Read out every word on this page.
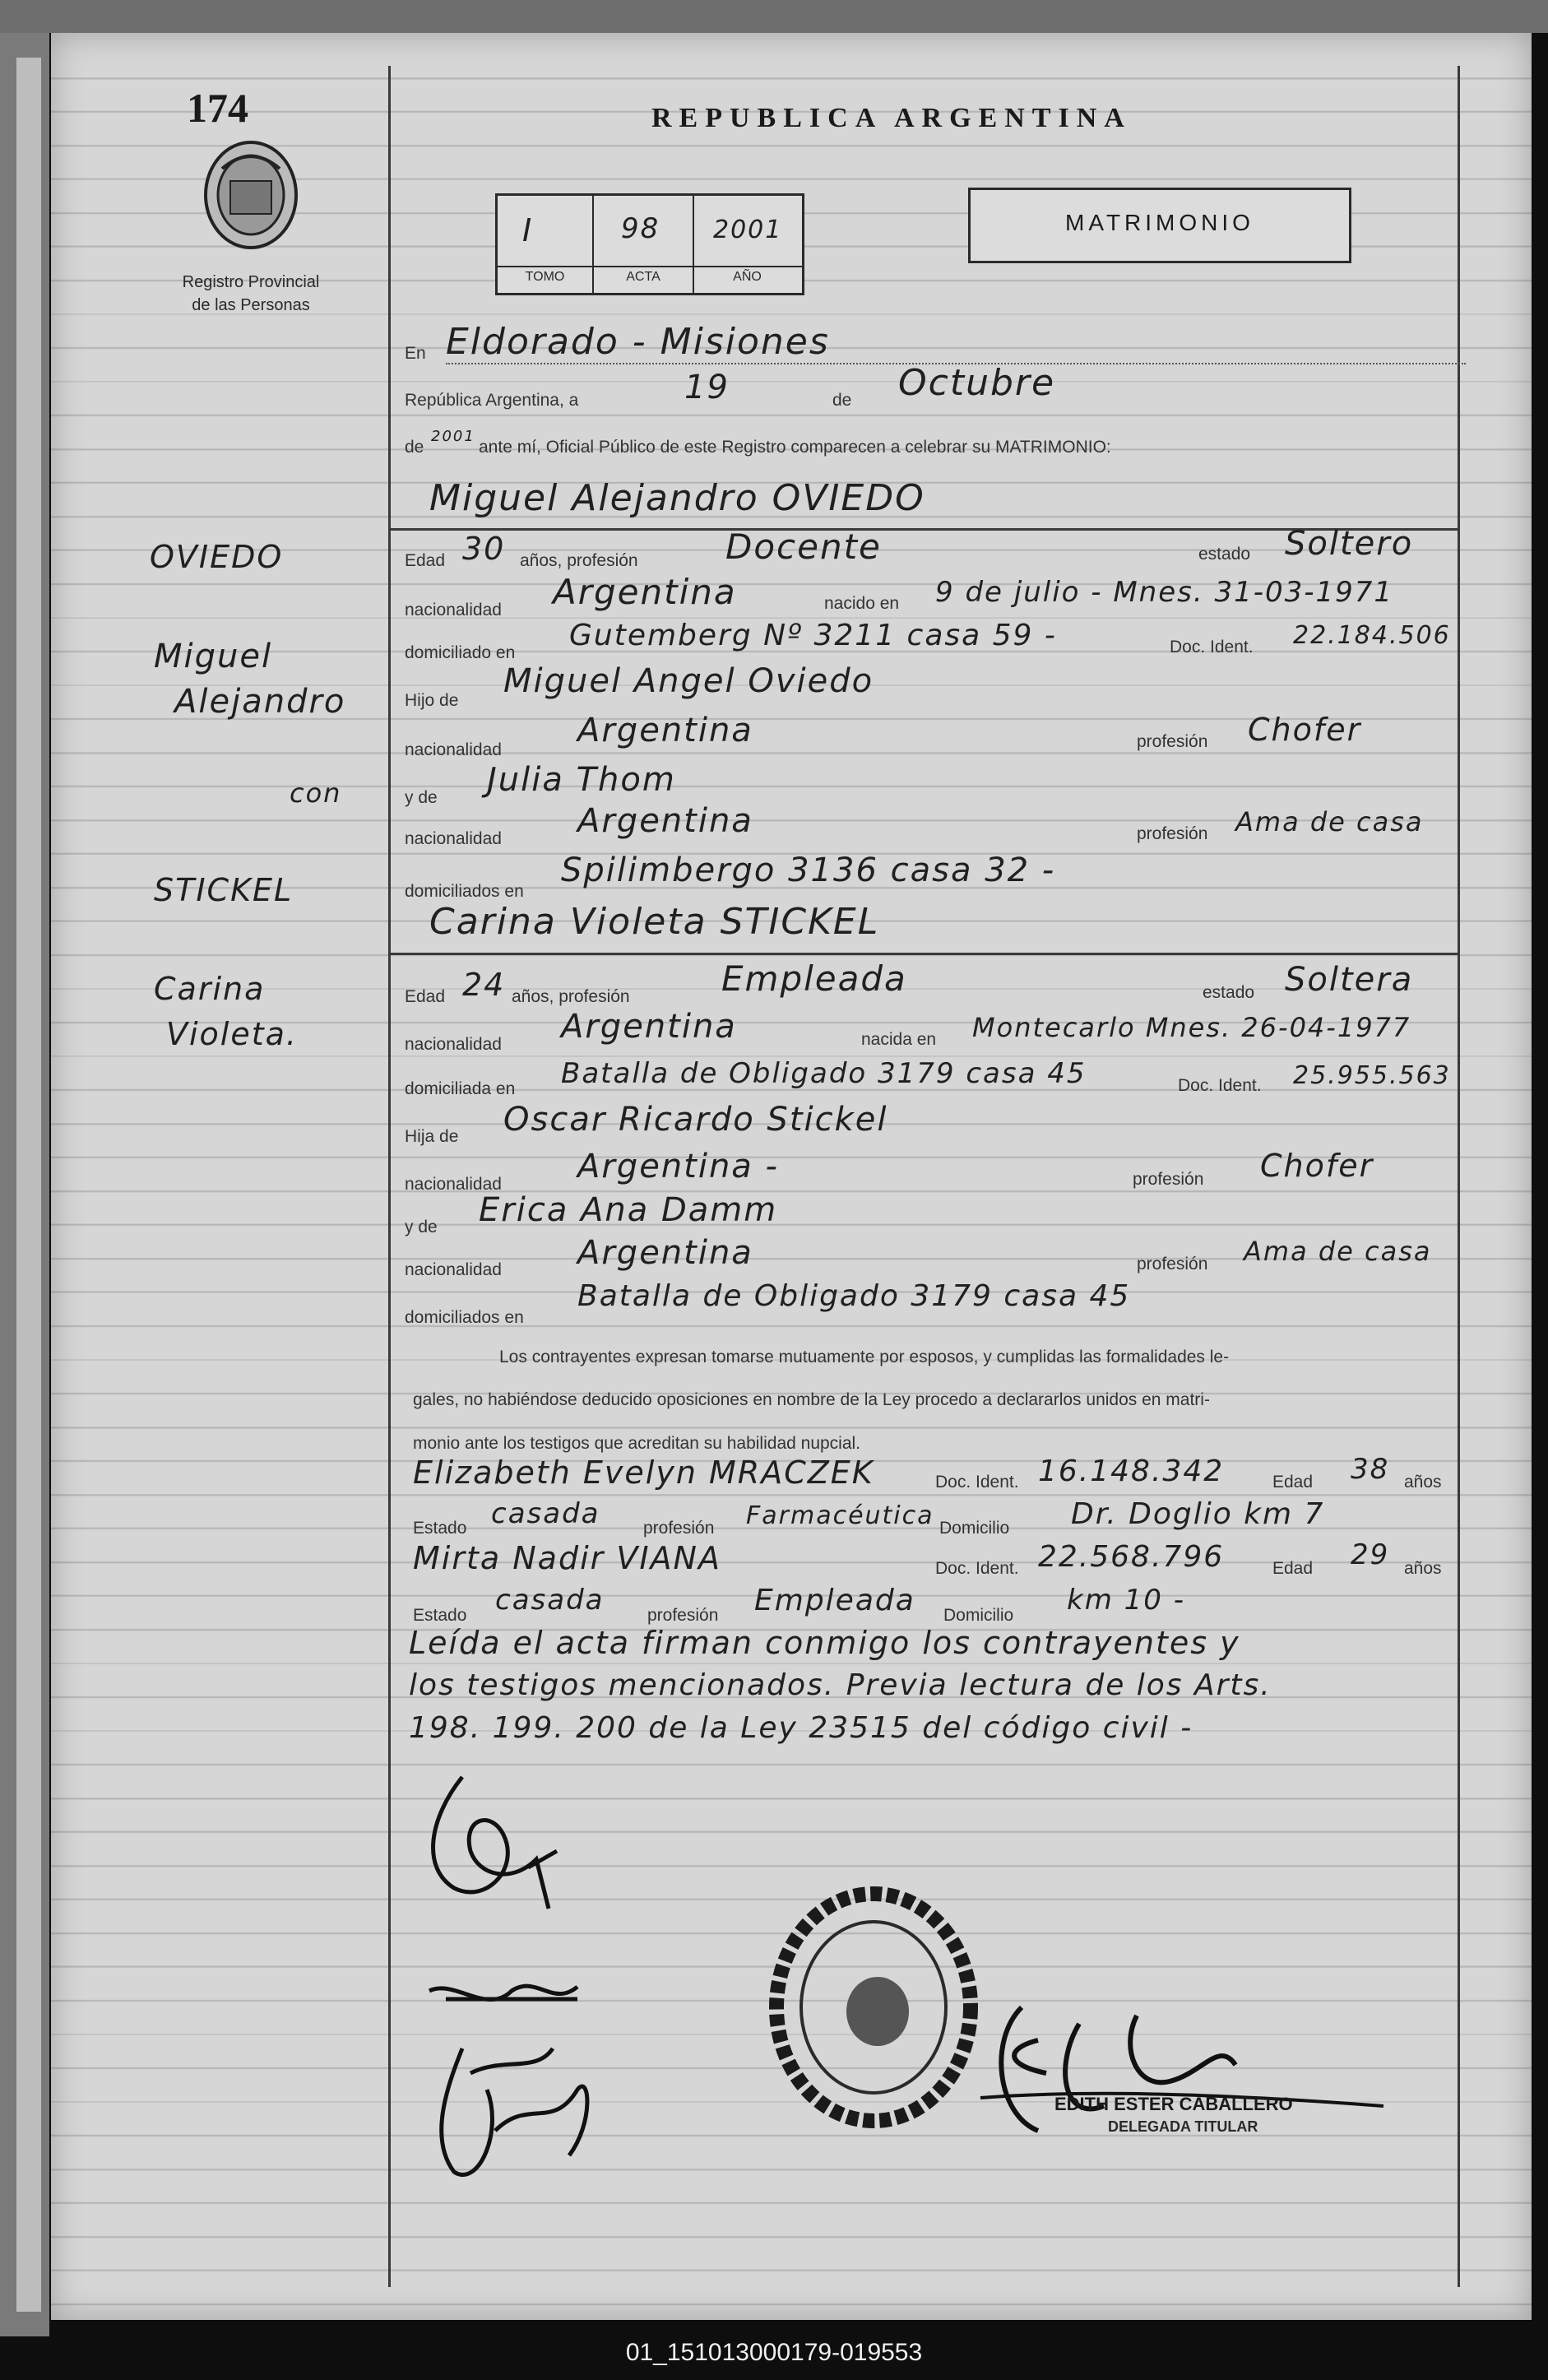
174
Registro Provincial
de las Personas
REPUBLICA ARGENTINA
I	98 2001
TOMO	ACTA	AÑO
MATRIMONIO
En Eldorado - Misiones
República Argentina, a	19	de Octubre
de
2001
ante mí, Oficial Público de este Registro comparecen a celebrar su MATRIMONIO:
Miguel Alejandro OVIEDO
Edad 30 años, profesión	Docente	estado Soltero
nacionalidad Argentina	nacido en 9 de julio - Mnes. 31-03-1971
domiciliado en
Gutemberg Nº 3211 casa 59 -	Doc. Ident. 22.184.506
Hijo de
Miguel Angel Oviedo
nacionalidad
Argentina	profesión Chofer
y de Julia Thom
nacionalidad Argentina	profesión Ama de casa
domiciliados en
Spilimbergo 3136 casa 32 -
Carina Violeta STICKEL
Edad 24 años, profesión	Empleada	estado Soltera
nacionalidad Argentina	nacida en Montecarlo Mnes. 26-04-1977
domiciliada en Batalla de Obligado 3179 casa 45	Doc. Ident. 25.955.563
Hija de Oscar Ricardo Stickel
nacionalidad Argentina -	profesión Chofer
y de Erica Ana Damm
nacionalidad Argentina	profesión Ama de casa
domiciliados en
Batalla de Obligado 3179 casa 45
Los contrayentes expresan tomarse mutuamente por esposos, y cumplidas las formalidades le-
gales, no habiéndose deducido oposiciones en nombre de la Ley procedo a declararlos unidos en matri-
monio ante los testigos que acreditan su habilidad nupcial.
Elizabeth Evelyn MRACZEK	Doc. Ident. 16.148.342	Edad 38 años
Estado casada	profesión Farmacéutica Domicilio Dr. Doglio km 7
Mirta Nadir VIANA	Doc. Ident. 22.568.796	Edad 29 años
Estado casada	profesión Empleada Domicilio km 10 -
Leída el acta firman conmigo los contrayentes y
los testigos mencionados. Previa lectura de los Arts.
198. 199. 200 de la Ley 23515 del código civil -
OVIEDO
Miguel
Alejandro
con
STICKEL
Carina
Violeta.
EDITH ESTER CABALLERO
DELEGADA TITULAR
01_151013000179-019553
